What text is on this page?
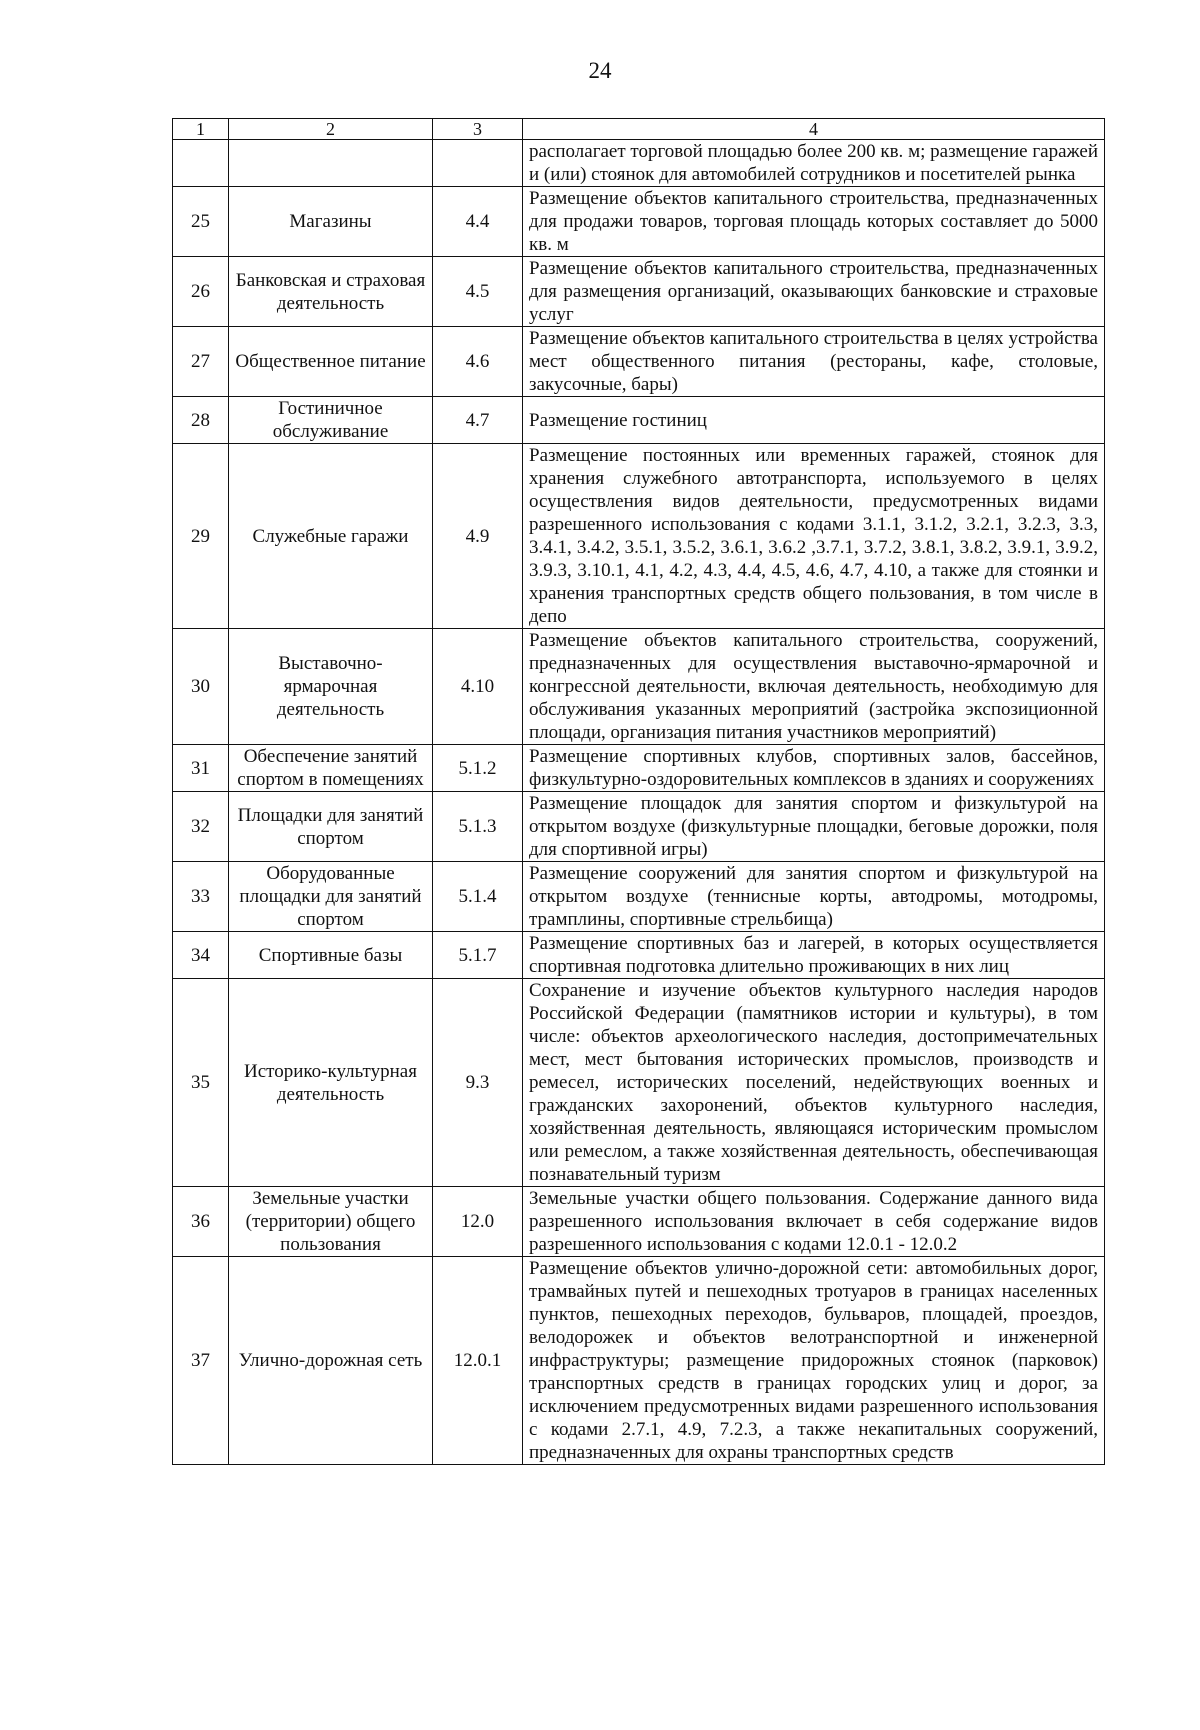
24
1	2	3	4
			располагает торговой площадью более 200 кв. м; размещение гаражей и (или) стоянок для автомобилей сотрудников и посетителей рынка
25	Магазины	4.4	Размещение объектов капитального строительства, предназначенных для продажи товаров, торговая площадь которых составляет до 5000 кв. м
26	Банковская и страховая деятельность	4.5	Размещение объектов капитального строительства, предназначенных для размещения организаций, оказывающих банковские и страховые услуг
27	Общественное питание	4.6	Размещение объектов капитального строительства в целях устройства мест общественного питания (рестораны, кафе, столовые, закусочные, бары)
28	Гостиничное обслуживание	4.7	Размещение гостиниц
29	Служебные гаражи	4.9	Размещение постоянных или временных гаражей, стоянок для хранения служебного автотранспорта, используемого в целях осуществления видов деятельности, предусмотренных видами разрешенного использования с кодами 3.1.1, 3.1.2, 3.2.1, 3.2.3, 3.3, 3.4.1, 3.4.2, 3.5.1, 3.5.2, 3.6.1, 3.6.2 ,3.7.1, 3.7.2, 3.8.1, 3.8.2, 3.9.1, 3.9.2, 3.9.3, 3.10.1, 4.1, 4.2, 4.3, 4.4, 4.5, 4.6, 4.7, 4.10, а также для стоянки и хранения транспортных средств общего пользования, в том числе в депо
30	Выставочно-ярмарочная деятельность	4.10	Размещение объектов капитального строительства, сооружений, предназначенных для осуществления выставочно-ярмарочной и конгрессной деятельности, включая деятельность, необходимую для обслуживания указанных мероприятий (застройка экспозиционной площади, организация питания участников мероприятий)
31	Обеспечение занятий спортом в помещениях	5.1.2	Размещение спортивных клубов, спортивных залов, бассейнов, физкультурно-оздоровительных комплексов в зданиях и сооружениях
32	Площадки для занятий спортом	5.1.3	Размещение площадок для занятия спортом и физкультурой на открытом воздухе (физкультурные площадки, беговые дорожки, поля для спортивной игры)
33	Оборудованные площадки для занятий спортом	5.1.4	Размещение сооружений для занятия спортом и физкультурой на открытом воздухе (теннисные корты, автодромы, мотодромы, трамплины, спортивные стрельбища)
34	Спортивные базы	5.1.7	Размещение спортивных баз и лагерей, в которых осуществляется спортивная подготовка длительно проживающих в них лиц
35	Историко-культурная деятельность	9.3	Сохранение и изучение объектов культурного наследия народов Российской Федерации (памятников истории и культуры), в том числе: объектов археологического наследия, достопримечательных мест, мест бытования исторических промыслов, производств и ремесел, исторических поселений, недействующих военных и гражданских захоронений, объектов культурного наследия, хозяйственная деятельность, являющаяся историческим промыслом или ремеслом, а также хозяйственная деятельность, обеспечивающая познавательный туризм
36	Земельные участки (территории) общего пользования	12.0	Земельные участки общего пользования. Содержание данного вида разрешенного использования включает в себя содержание видов разрешенного использования с кодами 12.0.1 - 12.0.2
37	Улично-дорожная сеть	12.0.1	Размещение объектов улично-дорожной сети: автомобильных дорог, трамвайных путей и пешеходных тротуаров в границах населенных пунктов, пешеходных переходов, бульваров, площадей, проездов, велодорожек и объектов велотранспортной и инженерной инфраструктуры; размещение придорожных стоянок (парковок) транспортных средств в границах городских улиц и дорог, за исключением предусмотренных видами разрешенного использования с кодами 2.7.1, 4.9, 7.2.3, а также некапитальных сооружений, предназначенных для охраны транспортных средств
